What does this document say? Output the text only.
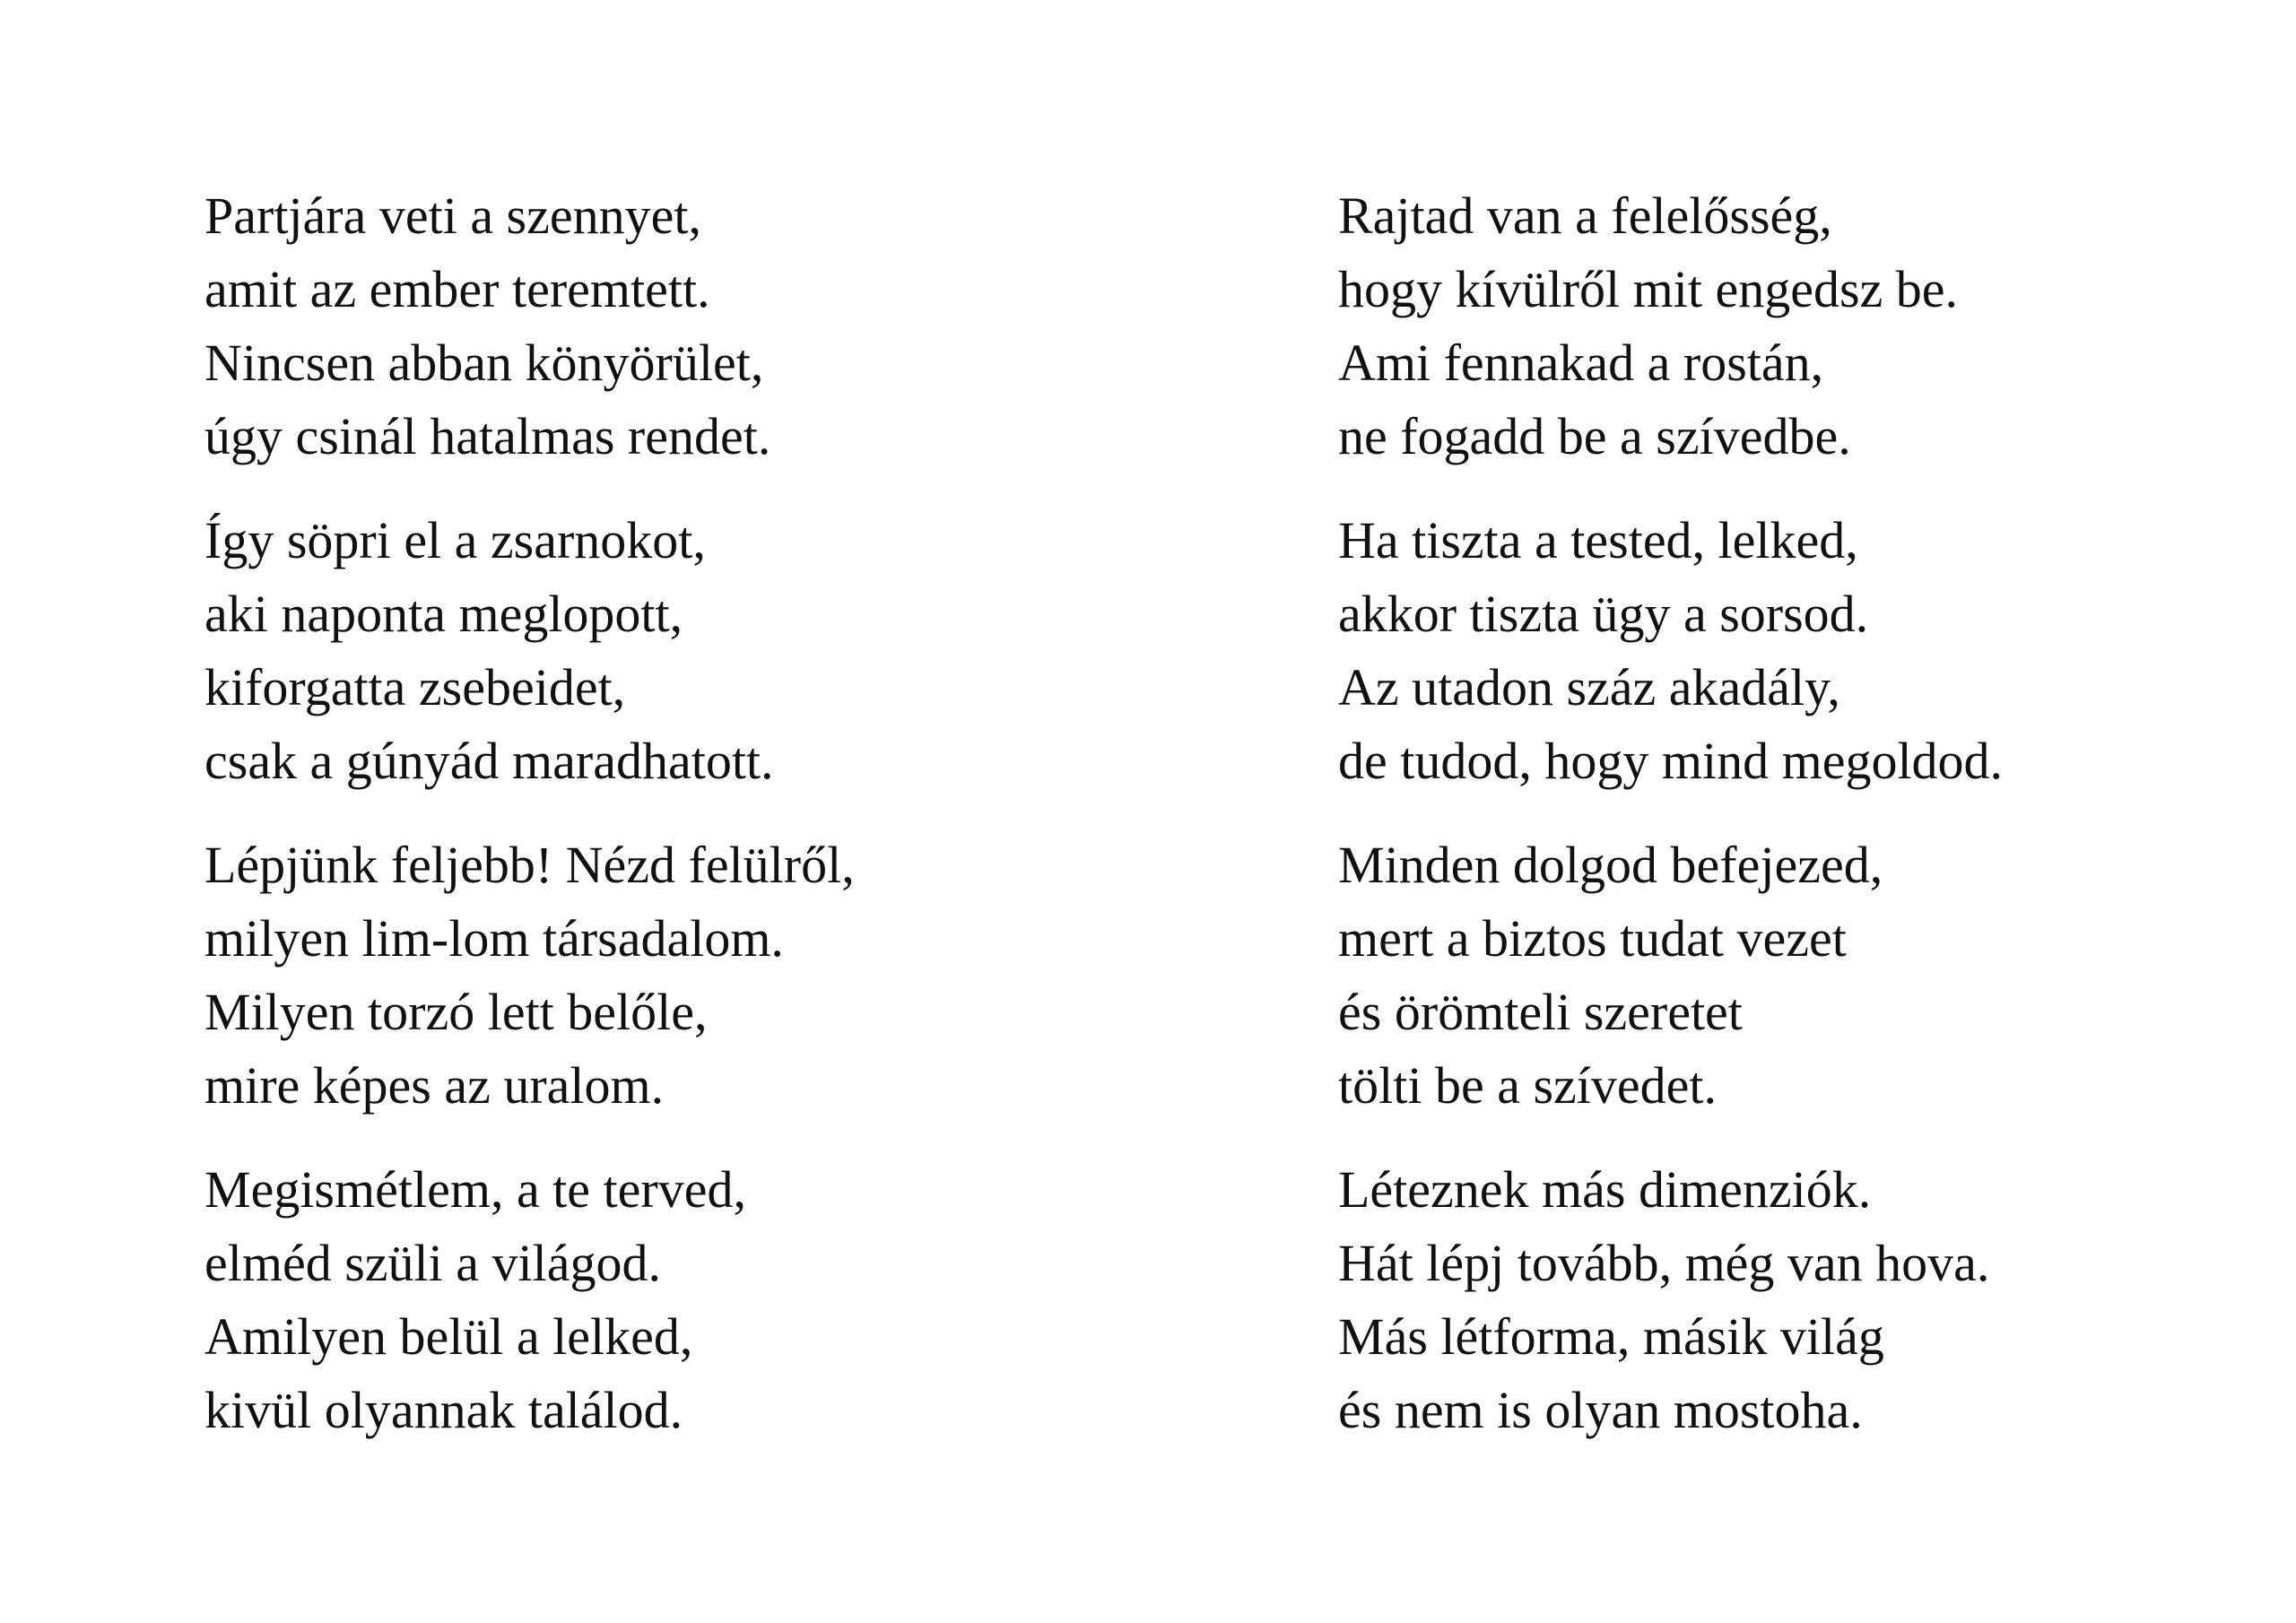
Partjára veti a szennyet,
amit az ember teremtett.
Nincsen abban könyörület,
úgy csinál hatalmas rendet.
Így söpri el a zsarnokot,
aki naponta meglopott,
kiforgatta zsebeidet,
csak a gúnyád maradhatott.
Lépjünk feljebb! Nézd felülről,
milyen lim-lom társadalom.
Milyen torzó lett belőle,
mire képes az uralom.
Megismétlem, a te terved,
elméd szüli a világod.
Amilyen belül a lelked,
kivül olyannak találod.
Rajtad van a felelősség,
hogy kívülről mit engedsz be.
Ami fennakad a rostán,
ne fogadd be a szívedbe.
Ha tiszta a tested, lelked,
akkor tiszta ügy a sorsod.
Az utadon száz akadály,
de tudod, hogy mind megoldod.
Minden dolgod befejezed,
mert a biztos tudat vezet
és örömteli szeretet
tölti be a szívedet.
Léteznek más dimenziók.
Hát lépj tovább, még van hova.
Más létforma, másik világ
és nem is olyan mostoha.
